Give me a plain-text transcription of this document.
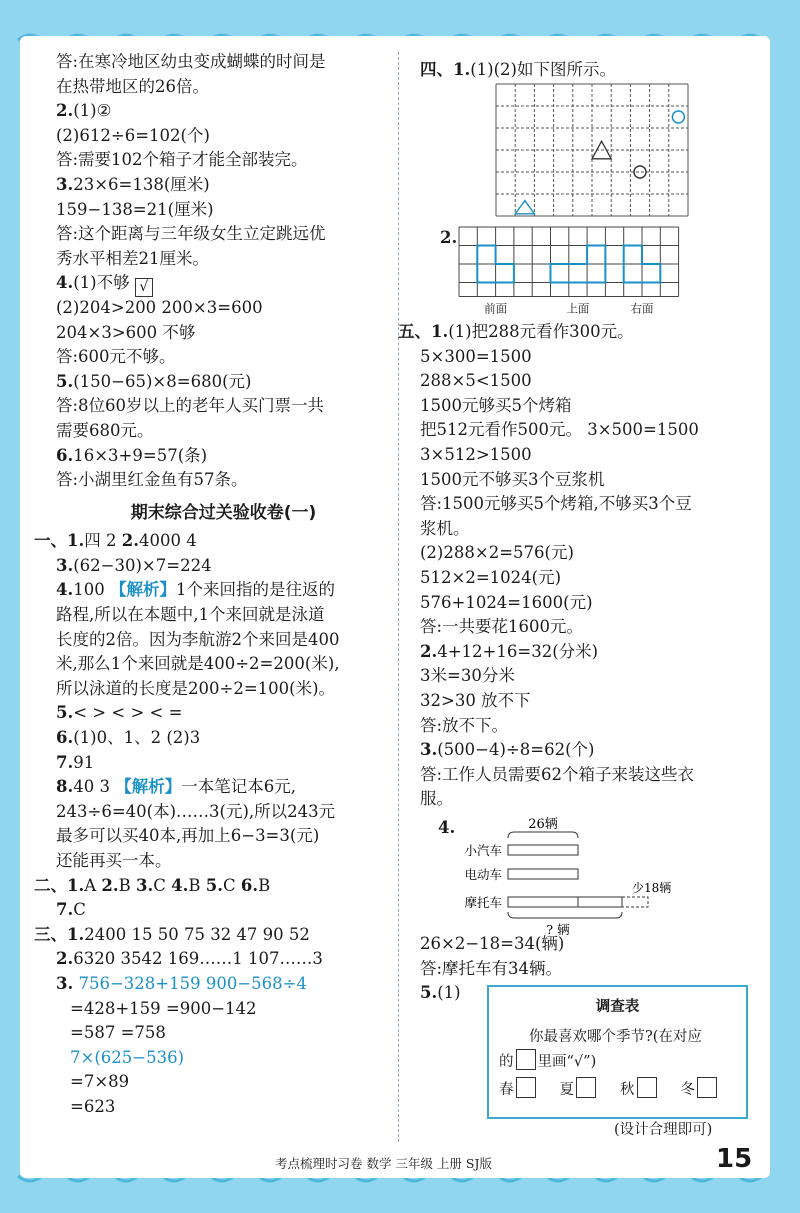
答:在寒冷地区幼虫变成蝴蝶的时间是
在热带地区的26倍。
2.(1)②
(2)612÷6=102(个)
答:需要102个箱子才能全部装完。
3.23×6=138(厘米)
159−138=21(厘米)
答:这个距离与三年级女生立定跳远优
秀水平相差21厘米。
4.(1)不够 √
(2)204>200 200×3=600
204×3>600 不够
答:600元不够。
5.(150−65)×8=680(元)
答:8位60岁以上的老年人买门票一共
需要680元。
6.16×3+9=57(条)
答:小湖里红金鱼有57条。
期末综合过关验收卷(一)
一、1.四 2 2.4000 4
3.(62−30)×7=224
4.100 【解析】1个来回指的是往返的
路程,所以在本题中,1个来回就是泳道
长度的2倍。因为李航游2个来回是400
米,那么1个来回就是400÷2=200(米),
所以泳道的长度是200÷2=100(米)。
5.< > < > < =
6.(1)0、1、2 (2)3
7.91
8.40 3 【解析】一本笔记本6元,
243÷6=40(本)……3(元),所以243元
最多可以买40本,再加上6−3=3(元)
还能再买一本。
二、1.A 2.B 3.C 4.B 5.C 6.B
7.C
三、1.2400 15 50 75 32 47 90 52
2.6320 3542 169……1 107……3
3. 756−328+159 900−568÷4
=428+159 =900−142
=587 =758
7×(625−536)
=7×89
=623
四、1.(1)(2)如下图所示。
2.
前面	上面	右面
五、1.(1)把288元看作300元。
5×300=1500
288×5<1500
1500元够买5个烤箱
把512元看作500元。 3×500=1500
3×512>1500
1500元不够买3个豆浆机
答:1500元够买5个烤箱,不够买3个豆
浆机。
(2)288×2=576(元)
512×2=1024(元)
576+1024=1600(元)
答:一共要花1600元。
2.4+12+16=32(分米)
3米=30分米
32>30 放不下
答:放不下。
3.(500−4)÷8=62(个)
答:工作人员需要62个箱子来装这些衣
服。
4.	26辆
小汽车
电动车
摩托车
少18辆
? 辆
26×2−18=34(辆)
答:摩托车有34辆。
5.(1)
调查表
你最喜欢哪个季节?(在对应
的 里画“√”)
春	夏	秋	冬
(设计合理即可)
考点梳理时习卷 数学 三年级 上册 SJ版	15
